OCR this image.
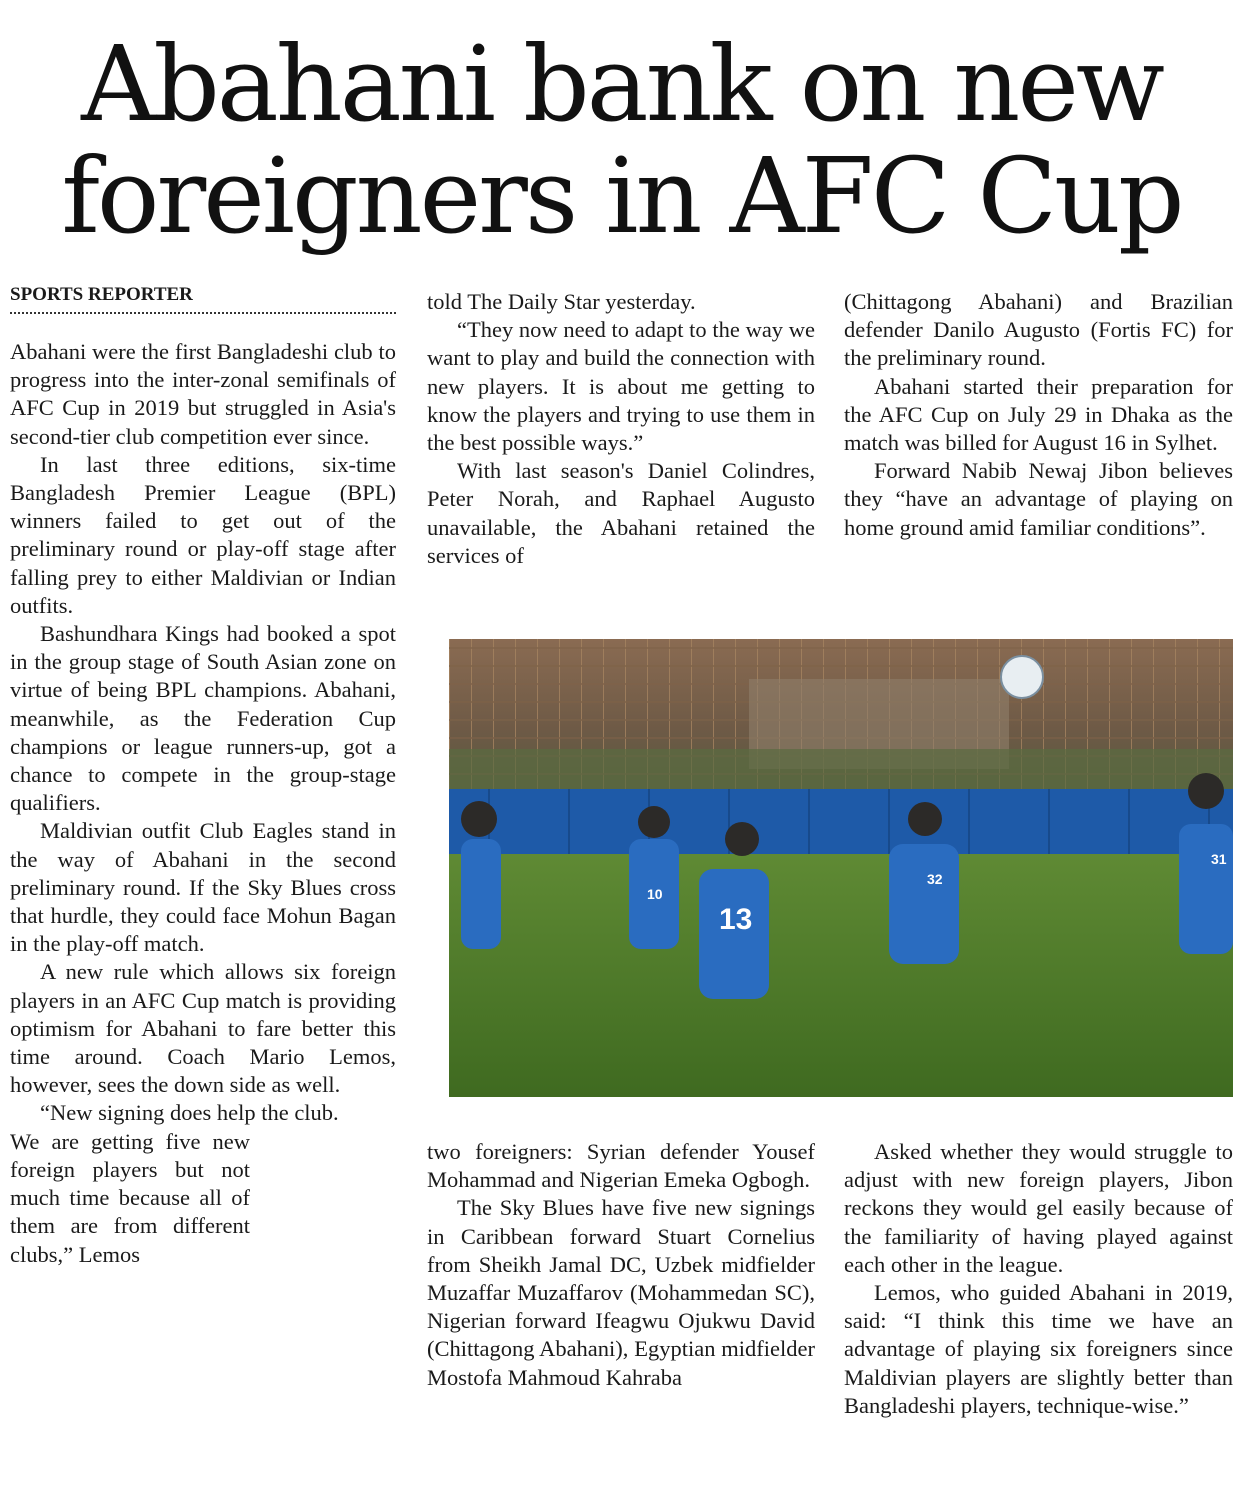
Abahani bank on new foreigners in AFC Cup
SPORTS REPORTER

Abahani were the first Bangladeshi club to progress into the inter-zonal semifinals of AFC Cup in 2019 but struggled in Asia's second-tier club competition ever since.

In last three editions, six-time Bangladesh Premier League (BPL) winners failed to get out of the preliminary round or play-off stage after falling prey to either Maldivian or Indian outfits.

Bashundhara Kings had booked a spot in the group stage of South Asian zone on virtue of being BPL champions. Abahani, meanwhile, as the Federation Cup champions or league runners-up, got a chance to compete in the group-stage qualifiers.

Maldivian outfit Club Eagles stand in the way of Abahani in the second preliminary round. If the Sky Blues cross that hurdle, they could face Mohun Bagan in the play-off match.

A new rule which allows six foreign players in an AFC Cup match is providing optimism for Abahani to fare better this time around. Coach Mario Lemos, however, sees the down side as well.

“New signing does help the club.

We are getting five new foreign players but not much time because all of them are from different clubs,” Lemos

told The Daily Star yesterday.

“They now need to adapt to the way we want to play and build the connection with new players. It is about me getting to know the players and trying to use them in the best possible ways.”

With last season's Daniel Colindres, Peter Norah, and Raphael Augusto unavailable, the Abahani retained the services of

(Chittagong Abahani) and Brazilian defender Danilo Augusto (Fortis FC) for the preliminary round.

Abahani started their preparation for the AFC Cup on July 29 in Dhaka as the match was billed for August 16 in Sylhet.

Forward Nabib Newaj Jibon believes they “have an advantage of playing on home ground amid familiar conditions”.

10
13
32
31

two foreigners: Syrian defender Yousef Mohammad and Nigerian Emeka Ogbogh.

The Sky Blues have five new signings in Caribbean forward Stuart Cornelius from Sheikh Jamal DC, Uzbek midfielder Muzaffar Muzaffarov (Mohammedan SC), Nigerian forward Ifeagwu Ojukwu David (Chittagong Abahani), Egyptian midfielder Mostofa Mahmoud Kahraba

Asked whether they would struggle to adjust with new foreign players, Jibon reckons they would gel easily because of the familiarity of having played against each other in the league.

Lemos, who guided Abahani in 2019, said: “I think this time we have an advantage of playing six foreigners since Maldivian players are slightly better than Bangladeshi players, technique-wise.”
